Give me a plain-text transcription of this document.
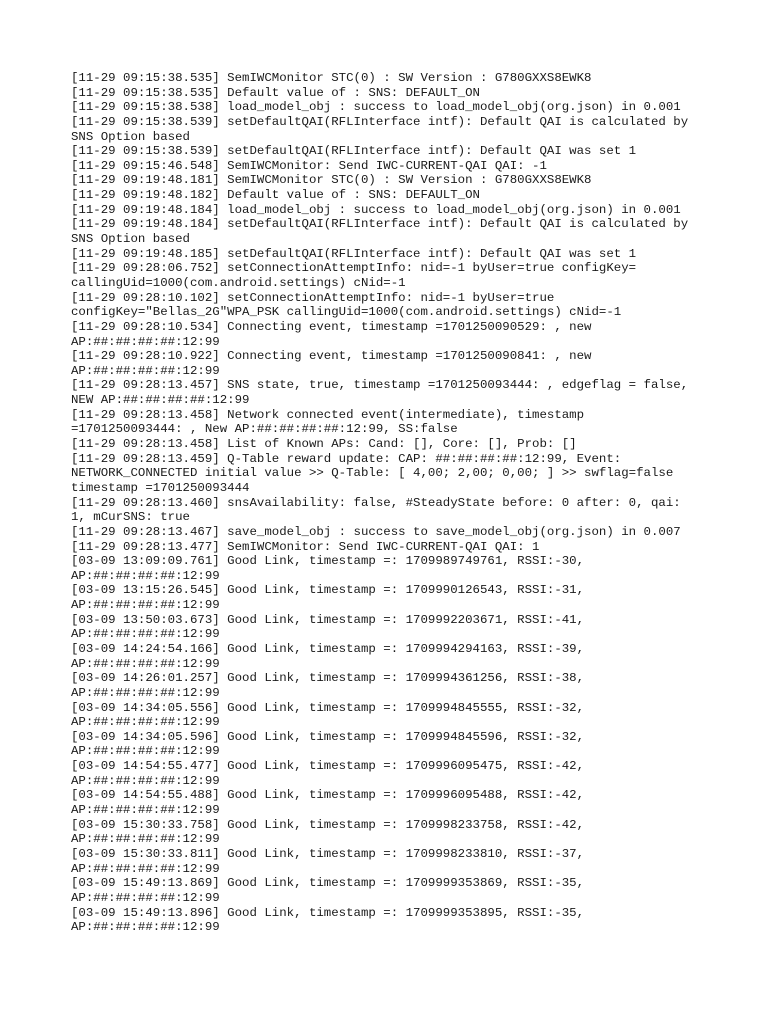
[11-29 09:15:38.535] SemIWCMonitor STC(0) : SW Version : G780GXXS8EWK8
[11-29 09:15:38.535] Default value of : SNS: DEFAULT_ON
[11-29 09:15:38.538] load_model_obj : success to load_model_obj(org.json) in 0.001
[11-29 09:15:38.539] setDefaultQAI(RFLInterface intf): Default QAI is calculated by
SNS Option based
[11-29 09:15:38.539] setDefaultQAI(RFLInterface intf): Default QAI was set 1
[11-29 09:15:46.548] SemIWCMonitor: Send IWC-CURRENT-QAI QAI: -1
[11-29 09:19:48.181] SemIWCMonitor STC(0) : SW Version : G780GXXS8EWK8
[11-29 09:19:48.182] Default value of : SNS: DEFAULT_ON
[11-29 09:19:48.184] load_model_obj : success to load_model_obj(org.json) in 0.001
[11-29 09:19:48.184] setDefaultQAI(RFLInterface intf): Default QAI is calculated by
SNS Option based
[11-29 09:19:48.185] setDefaultQAI(RFLInterface intf): Default QAI was set 1
[11-29 09:28:06.752] setConnectionAttemptInfo: nid=-1 byUser=true configKey=
callingUid=1000(com.android.settings) cNid=-1
[11-29 09:28:10.102] setConnectionAttemptInfo: nid=-1 byUser=true
configKey="Bellas_2G"WPA_PSK callingUid=1000(com.android.settings) cNid=-1
[11-29 09:28:10.534] Connecting event, timestamp =1701250090529: , new
AP:##:##:##:##:12:99
[11-29 09:28:10.922] Connecting event, timestamp =1701250090841: , new
AP:##:##:##:##:12:99
[11-29 09:28:13.457] SNS state, true, timestamp =1701250093444: , edgeflag = false,
NEW AP:##:##:##:##:12:99
[11-29 09:28:13.458] Network connected event(intermediate), timestamp
=1701250093444: , New AP:##:##:##:##:12:99, SS:false
[11-29 09:28:13.458] List of Known APs: Cand: [], Core: [], Prob: []
[11-29 09:28:13.459] Q-Table reward update: CAP: ##:##:##:##:12:99, Event:
NETWORK_CONNECTED initial value >> Q-Table: [ 4,00; 2,00; 0,00; ] >> swflag=false
timestamp =1701250093444
[11-29 09:28:13.460] snsAvailability: false, #SteadyState before: 0 after: 0, qai:
1, mCurSNS: true
[11-29 09:28:13.467] save_model_obj : success to save_model_obj(org.json) in 0.007
[11-29 09:28:13.477] SemIWCMonitor: Send IWC-CURRENT-QAI QAI: 1
[03-09 13:09:09.761] Good Link, timestamp =: 1709989749761, RSSI:-30,
AP:##:##:##:##:12:99
[03-09 13:15:26.545] Good Link, timestamp =: 1709990126543, RSSI:-31,
AP:##:##:##:##:12:99
[03-09 13:50:03.673] Good Link, timestamp =: 1709992203671, RSSI:-41,
AP:##:##:##:##:12:99
[03-09 14:24:54.166] Good Link, timestamp =: 1709994294163, RSSI:-39,
AP:##:##:##:##:12:99
[03-09 14:26:01.257] Good Link, timestamp =: 1709994361256, RSSI:-38,
AP:##:##:##:##:12:99
[03-09 14:34:05.556] Good Link, timestamp =: 1709994845555, RSSI:-32,
AP:##:##:##:##:12:99
[03-09 14:34:05.596] Good Link, timestamp =: 1709994845596, RSSI:-32,
AP:##:##:##:##:12:99
[03-09 14:54:55.477] Good Link, timestamp =: 1709996095475, RSSI:-42,
AP:##:##:##:##:12:99
[03-09 14:54:55.488] Good Link, timestamp =: 1709996095488, RSSI:-42,
AP:##:##:##:##:12:99
[03-09 15:30:33.758] Good Link, timestamp =: 1709998233758, RSSI:-42,
AP:##:##:##:##:12:99
[03-09 15:30:33.811] Good Link, timestamp =: 1709998233810, RSSI:-37,
AP:##:##:##:##:12:99
[03-09 15:49:13.869] Good Link, timestamp =: 1709999353869, RSSI:-35,
AP:##:##:##:##:12:99
[03-09 15:49:13.896] Good Link, timestamp =: 1709999353895, RSSI:-35,
AP:##:##:##:##:12:99
